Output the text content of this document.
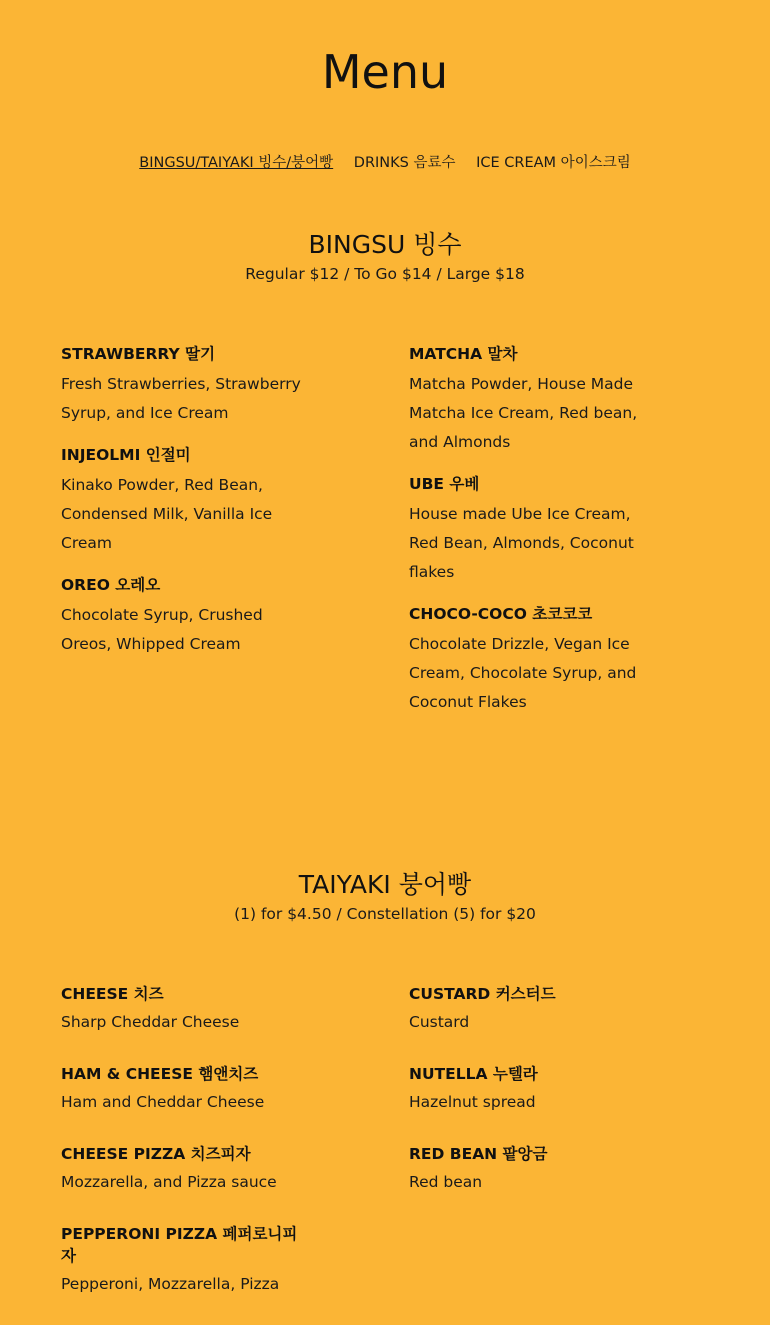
Menu
BINGSU/TAIYAKI 빙수/붕어빵 DRINKS 음료수 ICE CREAM 아이스크림
BINGSU 빙수

Regular $12 / To Go $14 / Large $18

STRAWBERRY 딸기

Fresh Strawberries, Strawberry Syrup, and Ice Cream

INJEOLMI 인절미

Kinako Powder, Red Bean, Condensed Milk, Vanilla Ice Cream

OREO 오레오

Chocolate Syrup, Crushed Oreos, Whipped Cream

MATCHA 말차

Matcha Powder, House Made Matcha Ice Cream, Red bean, and Almonds

UBE 우베

House made Ube Ice Cream, Red Bean, Almonds, Coconut flakes

CHOCO-COCO 초코코코

Chocolate Drizzle, Vegan Ice Cream, Chocolate Syrup, and Coconut Flakes

TAIYAKI 붕어빵

(1) for $4.50 / Constellation (5) for $20

CHEESE 치즈

Sharp Cheddar Cheese

HAM & CHEESE 햄앤치즈

Ham and Cheddar Cheese

CHEESE PIZZA 치즈피자

Mozzarella, and Pizza sauce

PEPPERONI PIZZA 페퍼로니피자

Pepperoni, Mozzarella, Pizza

CUSTARD 커스터드

Custard

NUTELLA 누텔라

Hazelnut spread

RED BEAN 팥앙금

Red bean
